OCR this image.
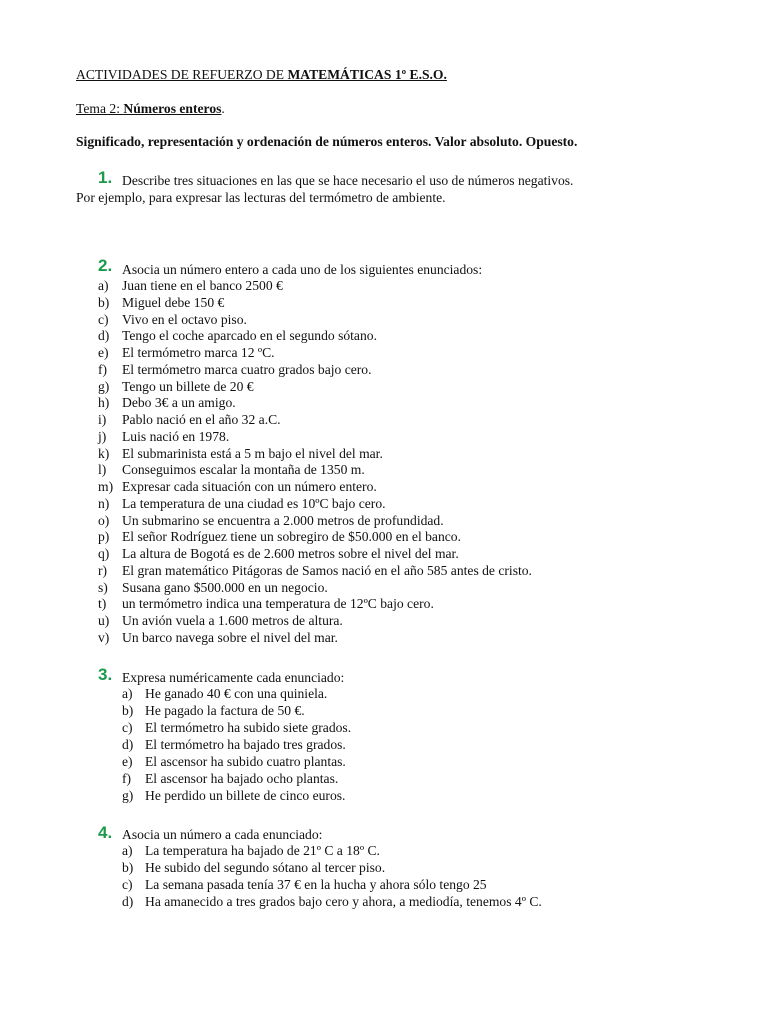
ACTIVIDADES DE REFUERZO DE MATEMÁTICAS 1º E.S.O.
Tema 2: Números enteros.
Significado, representación y ordenación de números enteros. Valor absoluto. Opuesto.
1. Describe tres situaciones en las que se hace necesario el uso de números negativos.
Por ejemplo, para expresar las lecturas del termómetro de ambiente.
2. Asocia un número entero a cada uno de los siguientes enunciados:
a) Juan tiene en el banco 2500 €
b) Miguel debe 150 €
c) Vivo en el octavo piso.
d) Tengo el coche aparcado en el segundo sótano.
e) El termómetro marca 12 ºC.
f) El termómetro marca cuatro grados bajo cero.
g) Tengo un billete de 20 €
h) Debo 3€ a un amigo.
i) Pablo nació en el año 32 a.C.
j) Luis nació en 1978.
k) El submarinista está a 5 m bajo el nivel del mar.
l) Conseguimos escalar la montaña de 1350 m.
m) Expresar cada situación con un número entero.
n) La temperatura de una ciudad es 10ºC bajo cero.
o) Un submarino se encuentra a 2.000 metros de profundidad.
p) El señor Rodríguez tiene un sobregiro de $50.000 en el banco.
q) La altura de Bogotá es de 2.600 metros sobre el nivel del mar.
r) El gran matemático Pitágoras de Samos nació en el año 585 antes de cristo.
s) Susana gano $500.000 en un negocio.
t) un termómetro indica una temperatura de 12ºC bajo cero.
u) Un avión vuela a 1.600 metros de altura.
v) Un barco navega sobre el nivel del mar.
3. Expresa numéricamente cada enunciado:
a) He ganado 40 € con una quiniela.
b) He pagado la factura de 50 €.
c) El termómetro ha subido siete grados.
d) El termómetro ha bajado tres grados.
e) El ascensor ha subido cuatro plantas.
f) El ascensor ha bajado ocho plantas.
g) He perdido un billete de cinco euros.
4. Asocia un número a cada enunciado:
a) La temperatura ha bajado de 21º C a 18º C.
b) He subido del segundo sótano al tercer piso.
c) La semana pasada tenía 37 € en la hucha y ahora sólo tengo 25
d) Ha amanecido a tres grados bajo cero y ahora, a mediodía, tenemos 4º C.
